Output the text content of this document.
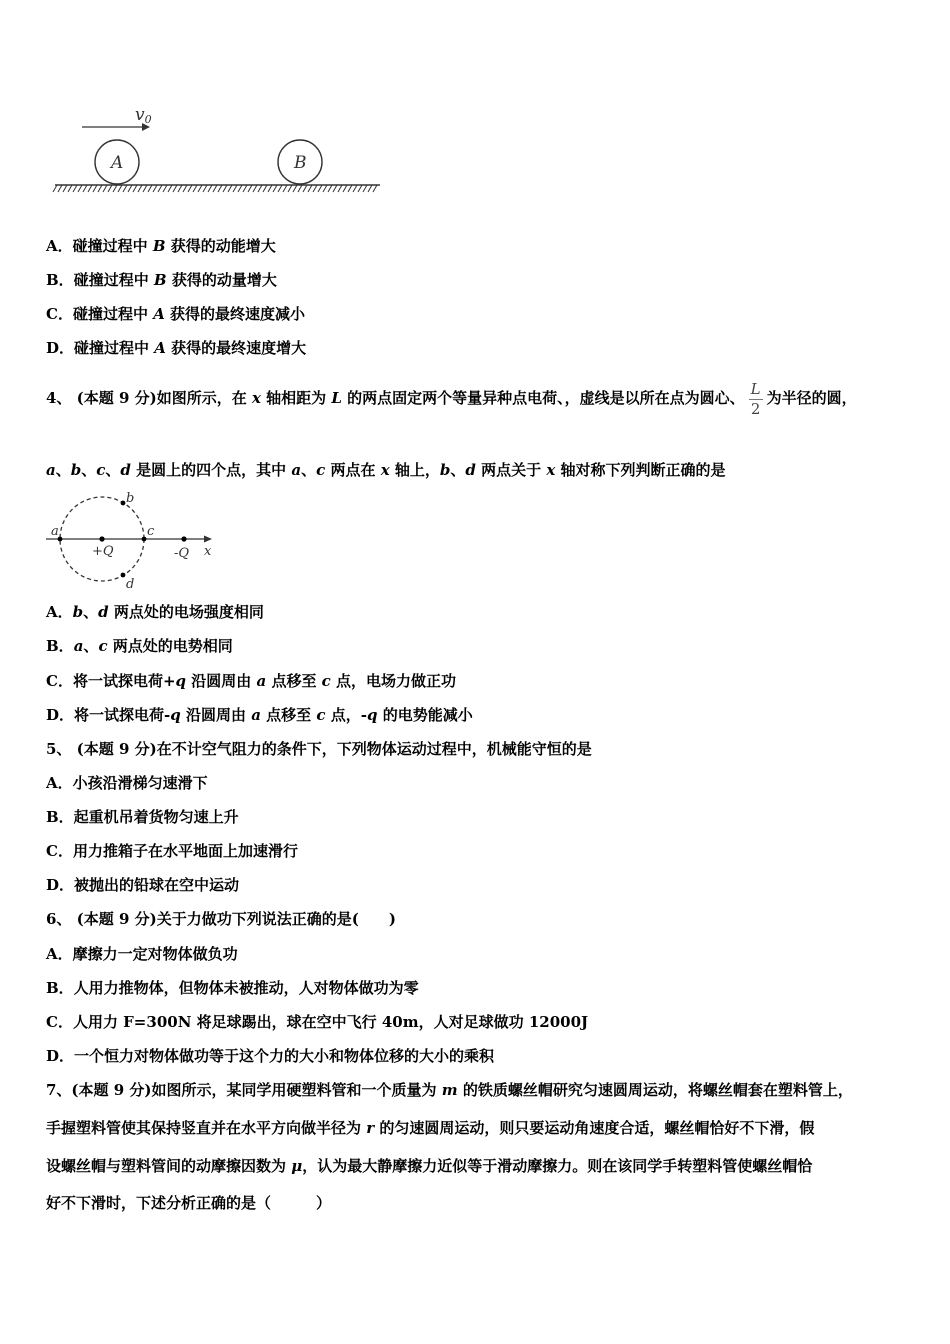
v0
A	B
A．碰撞过程中 B 获得的动能增大
B．碰撞过程中 B 获得的动量增大
C．碰撞过程中 A 获得的最终速度减小
D．碰撞过程中 A 获得的最终速度增大
4、 (本题 9 分)如图所示，在 x 轴相距为 L 的两点固定两个等量异种点电荷、，虚线是以所在点为圆心、 $\frac{L}{2}$ 为半径的圆，
a、b、c、d 是圆上的四个点，其中 a、c 两点在 x 轴上，b、d 两点关于 x 轴对称下列判断正确的是
a
b
c
d
+Q	-Q x
A．b、d 两点处的电场强度相同
B．a、c 两点处的电势相同
C．将一试探电荷+q 沿圆周由 a 点移至 c 点，电场力做正功
D．将一试探电荷-q 沿圆周由 a 点移至 c 点，-q 的电势能减小
5、 (本题 9 分)在不计空气阻力的条件下，下列物体运动过程中，机械能守恒的是
A．小孩沿滑梯匀速滑下
B．起重机吊着货物匀速上升
C．用力推箱子在水平地面上加速滑行
D．被抛出的铅球在空中运动
6、 (本题 9 分)关于力做功下列说法正确的是(　　)
A．摩擦力一定对物体做负功
B．人用力推物体，但物体未被推动，人对物体做功为零
C．人用力 F=300N 将足球踢出，球在空中飞行 40m，人对足球做功 12000J
D．一个恒力对物体做功等于这个力的大小和物体位移的大小的乘积
7、(本题 9 分)如图所示，某同学用硬塑料管和一个质量为 m 的铁质螺丝帽研究匀速圆周运动，将螺丝帽套在塑料管上，
手握塑料管使其保持竖直并在水平方向做半径为 r 的匀速圆周运动，则只要运动角速度合适，螺丝帽恰好不下滑，假
设螺丝帽与塑料管间的动摩擦因数为 μ，认为最大静摩擦力近似等于滑动摩擦力。则在该同学手转塑料管使螺丝帽恰
好不下滑时，下述分析正确的是（　　　）
